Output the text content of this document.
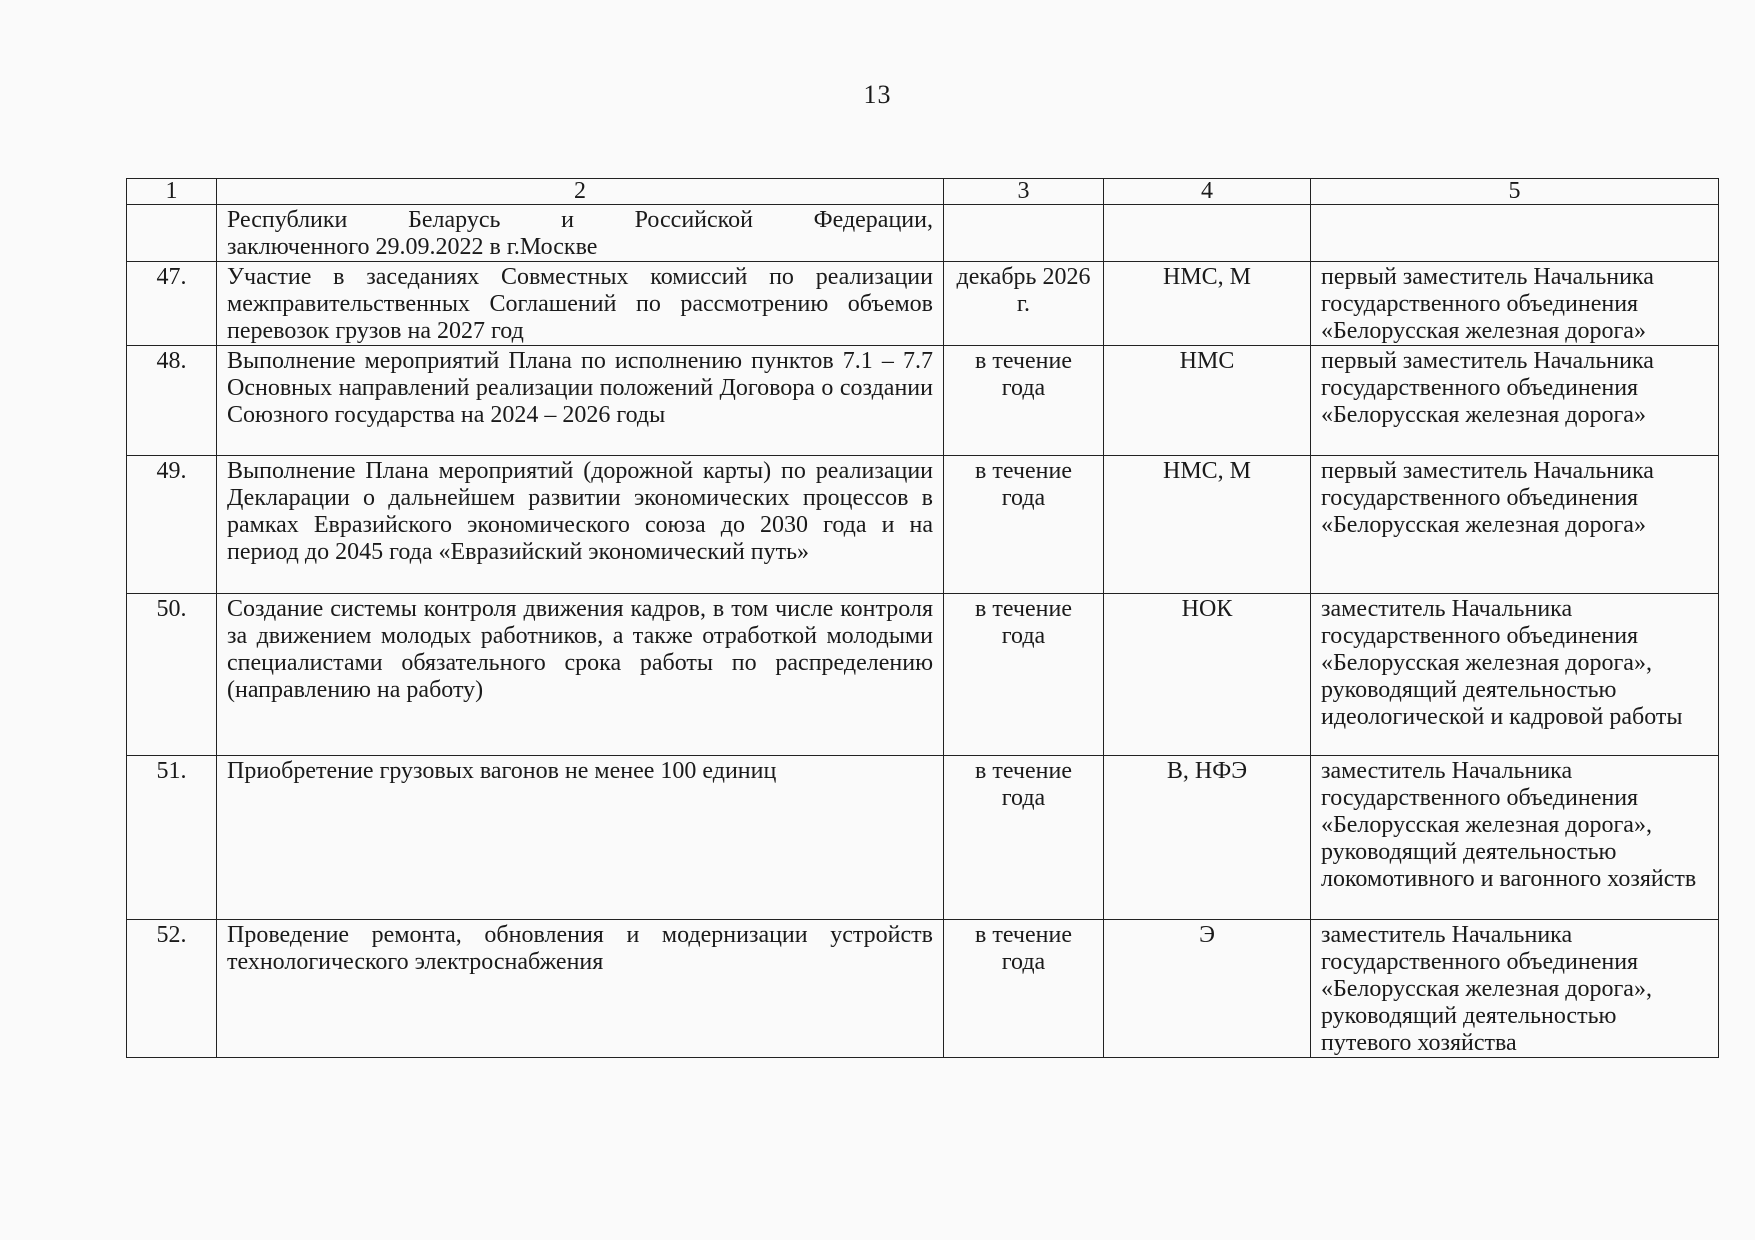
13
1	2	3	4	5

	Республики Беларусь и Российской Федерации,
заключенного 29.09.2022 в г.Москве			
47.	Участие в заседаниях Совместных комиссий по реализации межправительственных Соглашений по рассмотрению объемов перевозок грузов на 2027 год	декабрь 2026 г.	НМС, М	первый заместитель Начальника государственного объединения «Белорусская железная дорога»
48.	Выполнение мероприятий Плана по исполнению пунктов 7.1 – 7.7 Основных направлений реализации положений Договора о создании Союзного государства на 2024 – 2026 годы	в течение года	НМС	первый заместитель Начальника государственного объединения «Белорусская железная дорога»
49.	Выполнение Плана мероприятий (дорожной карты) по реализации Декларации о дальнейшем развитии экономических процессов в рамках Евразийского экономического союза до 2030 года и на период до 2045 года «Евразийский экономический путь»	в течение года	НМС, М	первый заместитель Начальника государственного объединения «Белорусская железная дорога»
50.	Создание системы контроля движения кадров, в том числе контроля за движением молодых работников, а также отработкой молодыми специалистами обязательного срока работы по распределению (направлению на работу)	в течение года	НОК	заместитель Начальника государственного объединения «Белорусская железная дорога», руководящий деятельностью идеологической и кадровой работы
51.	Приобретение грузовых вагонов не менее 100 единиц	в течение года	В, НФЭ	заместитель Начальника государственного объединения «Белорусская железная дорога», руководящий деятельностью локомотивного и вагонного хозяйств
52.	Проведение ремонта, обновления и модернизации устройств технологического электроснабжения	в течение года	Э	заместитель Начальника государственного объединения «Белорусская железная дорога», руководящий деятельностью путевого хозяйства
